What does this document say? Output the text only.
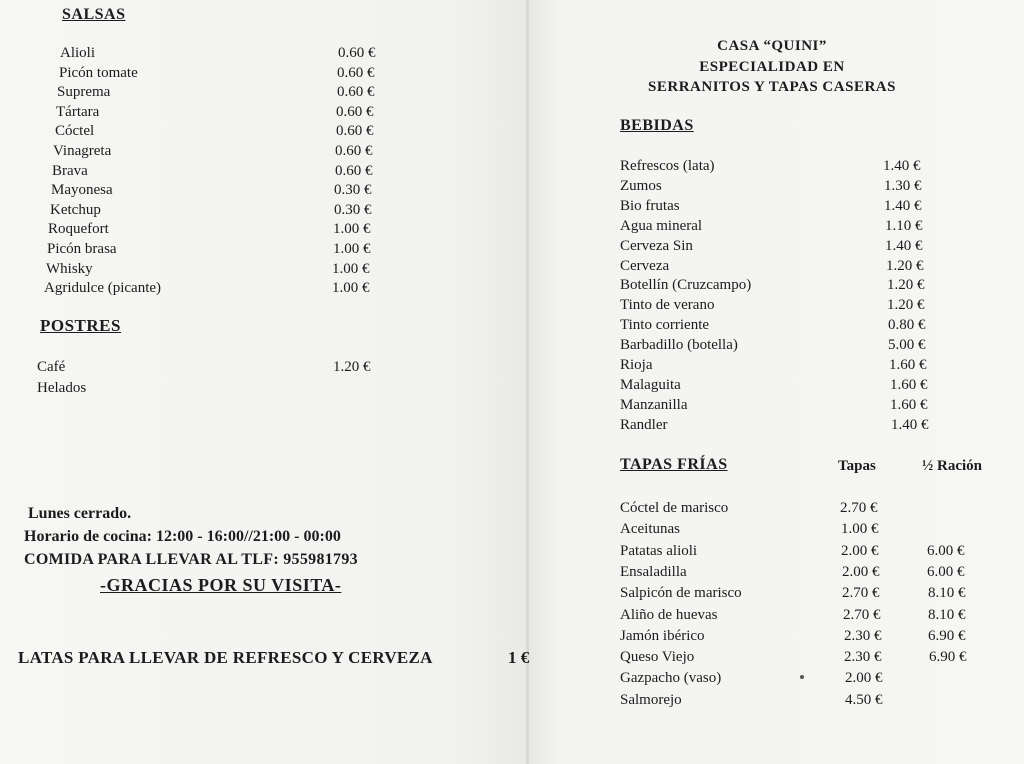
SALSAS
Alioli	0.60 €
Picón tomate	0.60 €
Suprema	0.60 €
Tártara	0.60 €
Cóctel	0.60 €
Vinagreta	0.60 €
Brava	0.60 €
Mayonesa	0.30 €
Ketchup	0.30 €
Roquefort	1.00 €
Picón brasa	1.00 €
Whisky	1.00 €
Agridulce (picante)	1.00 €
POSTRES
Café	1.20 €
Helados
Lunes cerrado.
Horario de cocina: 12:00 - 16:00//21:00 - 00:00
COMIDA PARA LLEVAR AL TLF: 955981793
-GRACIAS POR SU VISITA-
LATAS PARA LLEVAR DE REFRESCO Y CERVEZA	1 €
CASA “QUINI”
ESPECIALIDAD EN
SERRANITOS Y TAPAS CASERAS
BEBIDAS
Refrescos (lata)	1.40 €
Zumos	1.30 €
Bio frutas	1.40 €
Agua mineral	1.10 €
Cerveza Sin	1.40 €
Cerveza	1.20 €
Botellín (Cruzcampo)	1.20 €
Tinto de verano	1.20 €
Tinto corriente	0.80 €
Barbadillo (botella)	5.00 €
Rioja	1.60 €
Malaguita	1.60 €
Manzanilla	1.60 €
Randler	1.40 €
TAPAS FRÍAS	Tapas	½ Ración
Cóctel de marisco	2.70 €
Aceitunas	1.00 €
Patatas alioli	2.00 €	6.00 €
Ensaladilla	2.00 €	6.00 €
Salpicón de marisco	2.70 €	8.10 €
Aliño de huevas	2.70 €	8.10 €
Jamón ibérico	2.30 €	6.90 €
Queso Viejo	2.30 €	6.90 €
Gazpacho (vaso)	2.00 €
Salmorejo	4.50 €
